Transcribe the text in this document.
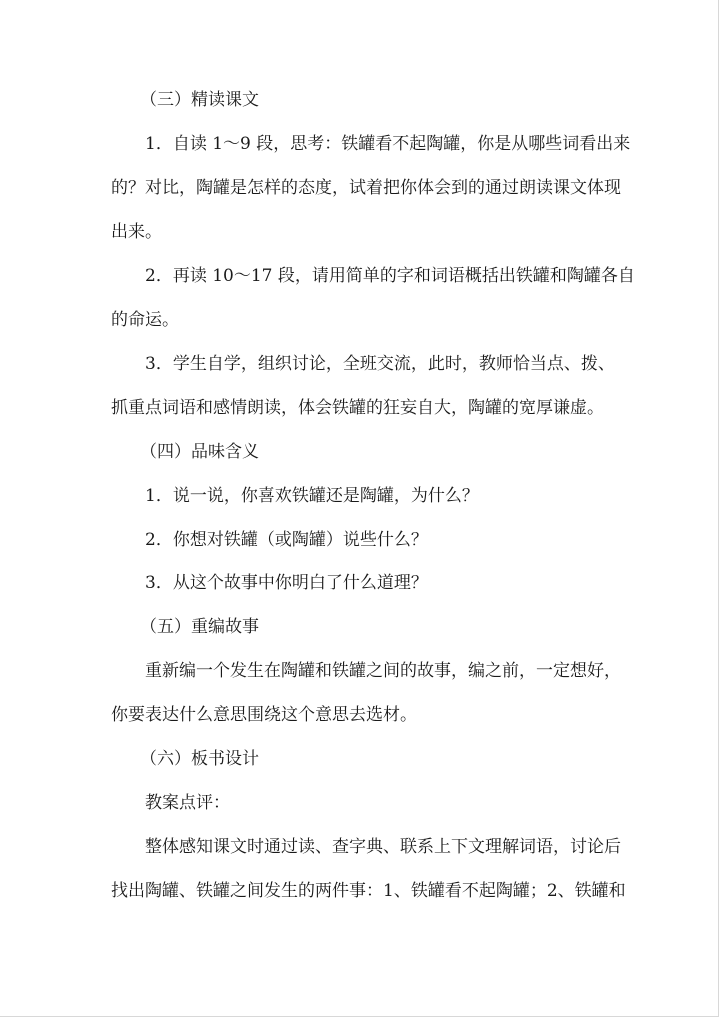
（三）精读课文

1．自读 1～9 段，思考：铁罐看不起陶罐，你是从哪些词看出来

的？对比，陶罐是怎样的态度，试着把你体会到的通过朗读课文体现

出来。

2．再读 10～17 段，请用简单的字和词语概括出铁罐和陶罐各自

的命运。

3．学生自学，组织讨论，全班交流，此时，教师恰当点、拨、

抓重点词语和感情朗读，体会铁罐的狂妄自大，陶罐的宽厚谦虚。

（四）品味含义

1．说一说，你喜欢铁罐还是陶罐，为什么？

2．你想对铁罐（或陶罐）说些什么？

3．从这个故事中你明白了什么道理？

（五）重编故事

重新编一个发生在陶罐和铁罐之间的故事，编之前，一定想好，

你要表达什么意思围绕这个意思去选材。

（六）板书设计

教案点评：

整体感知课文时通过读、查字典、联系上下文理解词语，讨论后

找出陶罐、铁罐之间发生的两件事：1、铁罐看不起陶罐；2、铁罐和
